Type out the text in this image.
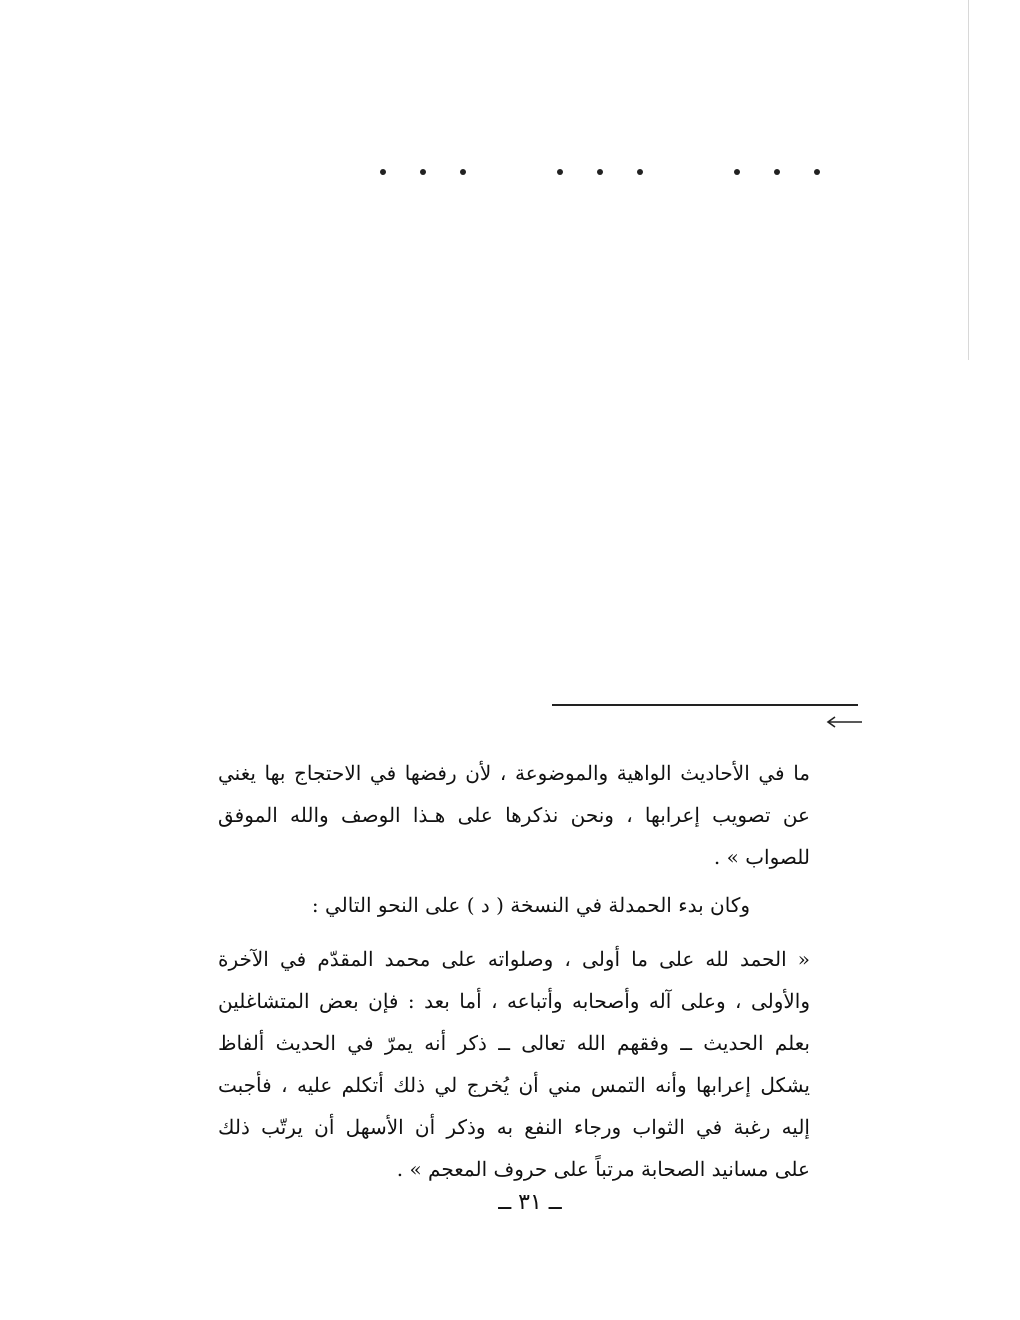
ما في الأحاديث الواهية والموضوعة ، لأن رفضها في الاحتجاج بها يغني
عن تصويب إعرابها ، ونحن نذكرها على هـذا الوصف والله الموفق
للصواب » .
وكان بدء الحمدلة في النسخة ( د ) على النحو التالي :
« الحمد لله على ما أولى ، وصلواته على محمد المقدّم في الآخرة
والأولى ، وعلى آله وأصحابه وأتباعه ، أما بعد : فإن بعض المتشاغلين
بعلم الحديث ــ وفقهم الله تعالى ــ ذكر أنه يمرّ في الحديث ألفاظ
يشكل إعرابها وأنه التمس مني أن يُخرج لي ذلك أتكلم عليه ، فأجبت
إليه رغبة في الثواب ورجاء النفع به وذكر أن الأسهل أن يرتّب ذلك
على مسانيد الصحابة مرتباً على حروف المعجم » .
ــ ٣١ ــ
